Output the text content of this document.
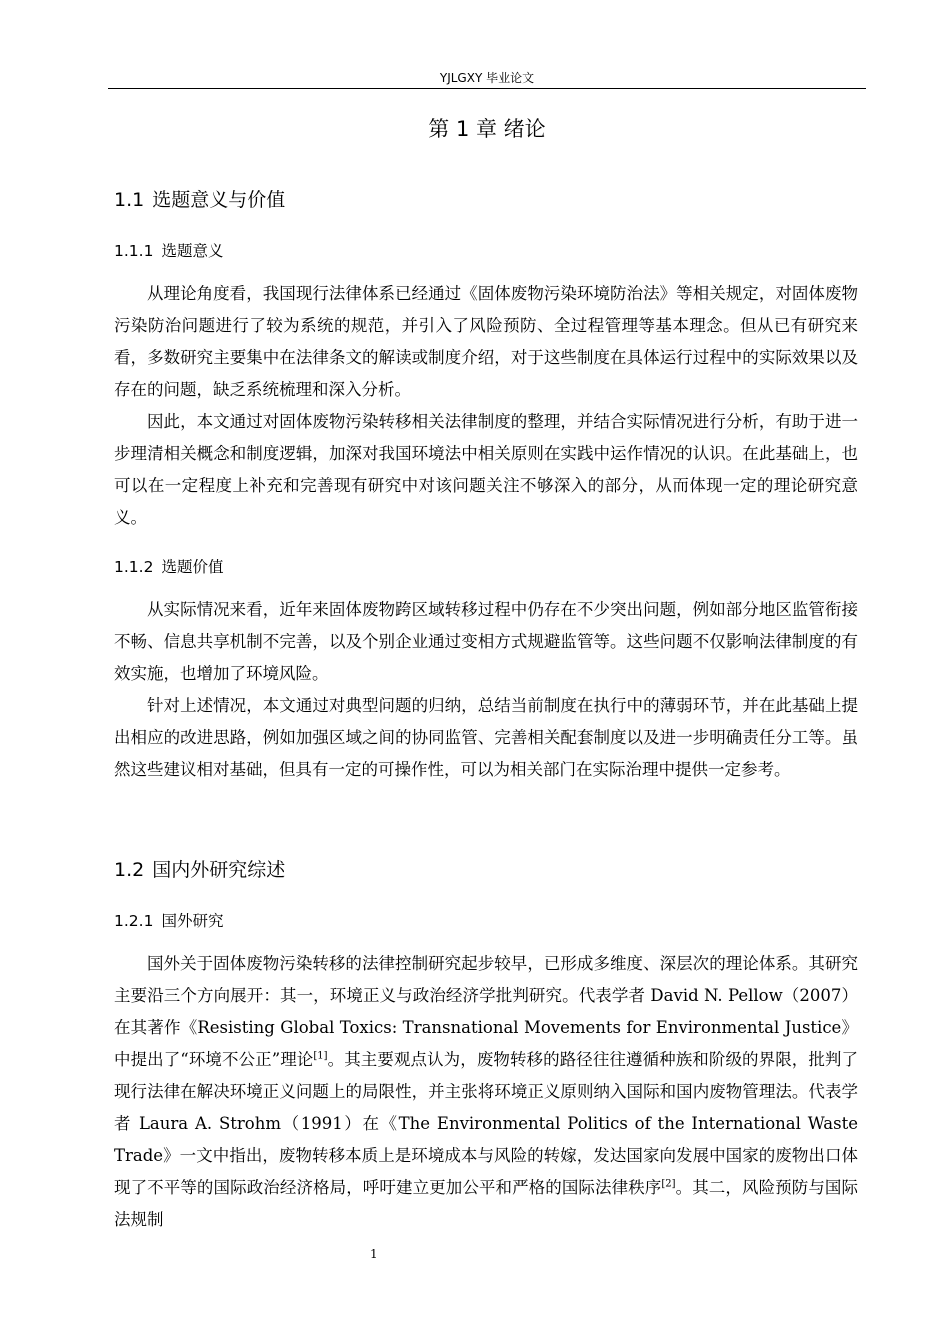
YJLGXY 毕业论文
第 1 章 绪论
1.1 选题意义与价值
1.1.1 选题意义

从理论角度看，我国现行法律体系已经通过《固体废物污染环境防治法》等相关规定，对固体废物污染防治问题进行了较为系统的规范，并引入了风险预防、全过程管理等基本理念。但从已有研究来看，多数研究主要集中在法律条文的解读或制度介绍，对于这些制度在具体运行过程中的实际效果以及存在的问题，缺乏系统梳理和深入分析。

因此，本文通过对固体废物污染转移相关法律制度的整理，并结合实际情况进行分析，有助于进一步理清相关概念和制度逻辑，加深对我国环境法中相关原则在实践中运作情况的认识。在此基础上，也可以在一定程度上补充和完善现有研究中对该问题关注不够深入的部分，从而体现一定的理论研究意义。

1.1.2 选题价值

从实际情况来看，近年来固体废物跨区域转移过程中仍存在不少突出问题，例如部分地区监管衔接不畅、信息共享机制不完善，以及个别企业通过变相方式规避监管等。这些问题不仅影响法律制度的有效实施，也增加了环境风险。

针对上述情况，本文通过对典型问题的归纳，总结当前制度在执行中的薄弱环节，并在此基础上提出相应的改进思路，例如加强区域之间的协同监管、完善相关配套制度以及进一步明确责任分工等。虽然这些建议相对基础，但具有一定的可操作性，可以为相关部门在实际治理中提供一定参考。

1.2 国内外研究综述
1.2.1 国外研究

国外关于固体废物污染转移的法律控制研究起步较早，已形成多维度、深层次的理论体系。其研究主要沿三个方向展开：其一，环境正义与政治经济学批判研究。代表学者 David N. Pellow（2007）在其著作《Resisting Global Toxics: Transnational Movements for Environmental Justice》中提出了“环境不公正”理论[1]。其主要观点认为，废物转移的路径往往遵循种族和阶级的界限，批判了现行法律在解决环境正义问题上的局限性，并主张将环境正义原则纳入国际和国内废物管理法。代表学者 Laura A. Strohm（1991）在《The Environmental Politics of the International Waste Trade》一文中指出，废物转移本质上是环境成本与风险的转嫁，发达国家向发展中国家的废物出口体现了不平等的国际政治经济格局，呼吁建立更加公平和严格的国际法律秩序[2]。其二，风险预防与国际法规制

1
